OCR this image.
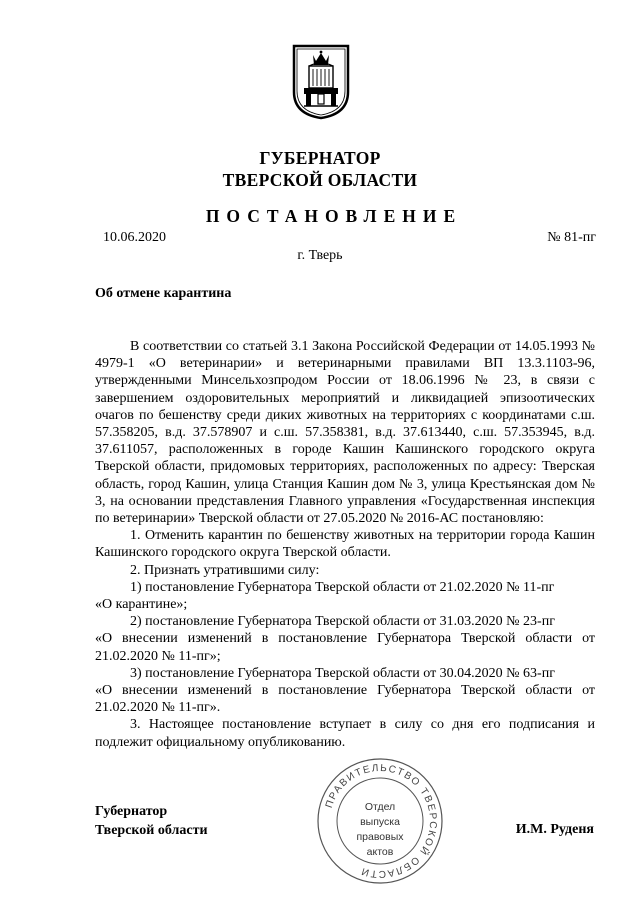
ГУБЕРНАТОР
ТВЕРСКОЙ ОБЛАСТИ
ПОСТАНОВЛЕНИЕ
10.06.2020	№ 81-пг
г. Тверь
Об отмене карантина

В соответствии со статьей 3.1 Закона Российской Федерации от 14.05.1993 № 4979-1 «О ветеринарии» и ветеринарными правилами ВП 13.3.1103-96, утвержденными Минсельхозпродом России от 18.06.1996 № 23, в связи с завершением оздоровительных мероприятий и ликвидацией эпизоотических очагов по бешенству среди диких животных на территориях с координатами с.ш. 57.358205, в.д. 37.578907 и с.ш. 57.358381, в.д. 37.613440, с.ш. 57.353945, в.д. 37.611057, расположенных в городе Кашин Кашинского городского округа Тверской области, придомовых территориях, расположенных по адресу: Тверская область, город Кашин, улица Станция Кашин дом № 3, улица Крестьянская дом № 3, на основании представления Главного управления «Государственная инспекция по ветеринарии» Тверской области от 27.05.2020 № 2016-АС постановляю:

1. Отменить карантин по бешенству животных на территории города Кашин Кашинского городского округа Тверской области.

2. Признать утратившими силу:

1) постановление Губернатора Тверской области от 21.02.2020 № 11-пг

«О карантине»;

2) постановление Губернатора Тверской области от 31.03.2020 № 23-пг

«О внесении изменений в постановление Губернатора Тверской области от 21.02.2020 № 11-пг»;

3) постановление Губернатора Тверской области от 30.04.2020 № 63-пг

«О внесении изменений в постановление Губернатора Тверской области от 21.02.2020 № 11-пг».

3. Настоящее постановление вступает в силу со дня его подписания и подлежит официальному опубликованию.

Губернатор
Тверской области
ПРАВИТЕЛЬСТВО ТВЕРСКОЙ ОБЛАСТИ
Отдел
выпуска
правовых
актов
И.М. Руденя
